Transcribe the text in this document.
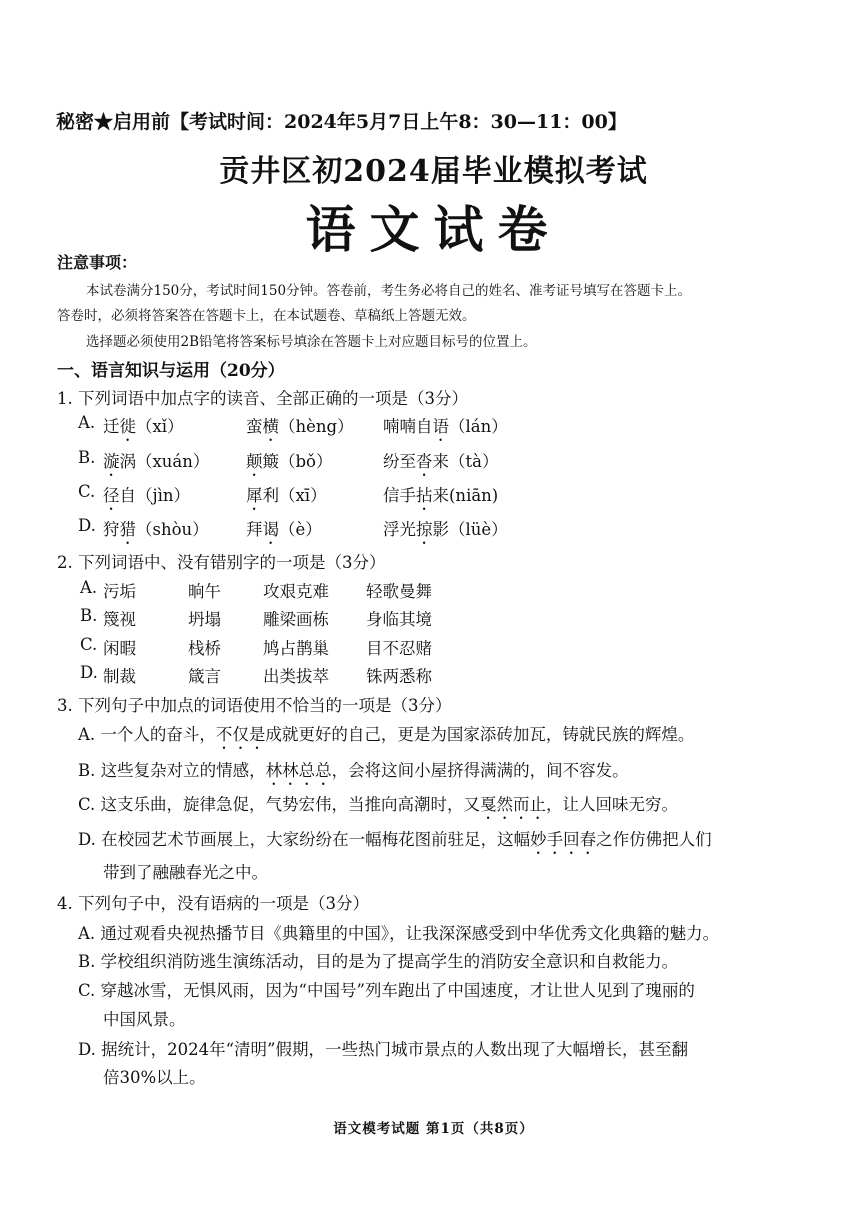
秘密★启用前【考试时间：2024年5月7日上午8：30—11：00】
贡井区初2024届毕业模拟考试
语文试卷
注意事项：
本试卷满分150分，考试时间150分钟。答卷前，考生务必将自己的姓名、准考证号填写在答题卡上。
答卷时，必须将答案答在答题卡上，在本试题卷、草稿纸上答题无效。
选择题必须使用2B铅笔将答案标号填涂在答题卡上对应题目标号的位置上。
一、语言知识与运用（20分）
1. 下列词语中加点字的读音、全部正确的一项是（3分）
A. 迁徙（xǐ）	蛮横（hèng） 喃喃自语（lán）
B. 漩涡（xuán） 颠簸（bǒ）	纷至沓来（tà）
C. 径自（jìn）	犀利（xī）	信手拈来(niān)
D. 狩猎（shòu） 拜谒（è）	浮光掠影（lüè）
2. 下列词语中、没有错别字的一项是（3分）
A. 污垢	晌午	攻艰克难 轻歌曼舞
B. 篾视	坍塌	雕梁画栋 身临其境
C. 闲暇	栈桥	鸠占鹊巢 目不忍赌
D. 制裁	箴言	出类拔萃 铢两悉称
3. 下列句子中加点的词语使用不恰当的一项是（3分）
A. 一个人的奋斗，不仅是成就更好的自己，更是为国家添砖加瓦，铸就民族的辉煌。
B. 这些复杂对立的情感，林林总总，会将这间小屋挤得满满的，间不容发。
C. 这支乐曲，旋律急促，气势宏伟，当推向高潮时，又戛然而止，让人回味无穷。
D. 在校园艺术节画展上，大家纷纷在一幅梅花图前驻足，这幅妙手回春之作仿佛把人们
带到了融融春光之中。
4. 下列句子中，没有语病的一项是（3分）
A. 通过观看央视热播节目《典籍里的中国》，让我深深感受到中华优秀文化典籍的魅力。
B. 学校组织消防逃生演练活动，目的是为了提高学生的消防安全意识和自救能力。
C. 穿越冰雪，无惧风雨，因为“中国号”列车跑出了中国速度，才让世人见到了瑰丽的
中国风景。
D. 据统计，2024年“清明”假期，一些热门城市景点的人数出现了大幅增长，甚至翻
倍30%以上。
语文模考试题 第1页（共8页）
